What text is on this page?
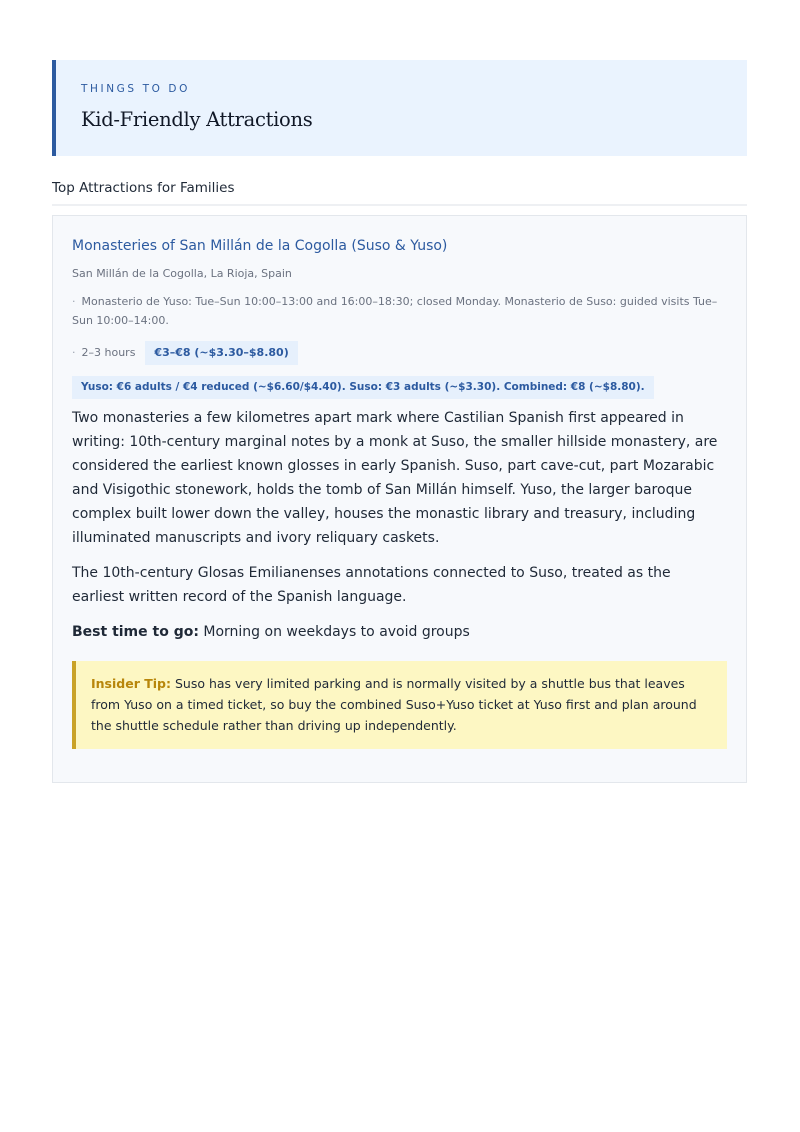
THINGS TO DO
Kid-Friendly Attractions
Top Attractions for Families
Monasteries of San Millán de la Cogolla (Suso & Yuso)
San Millán de la Cogolla, La Rioja, Spain
· Monasterio de Yuso: Tue–Sun 10:00–13:00 and 16:00–18:30; closed Monday. Monasterio de Suso: guided visits Tue–Sun 10:00–14:00.
· 2–3 hours	€3–€8 (~$3.30–$8.80)
Yuso: €6 adults / €4 reduced (~$6.60/$4.40). Suso: €3 adults (~$3.30). Combined: €8 (~$8.80).
Two monasteries a few kilometres apart mark where Castilian Spanish first appeared in writing: 10th-century marginal notes by a monk at Suso, the smaller hillside monastery, are considered the earliest known glosses in early Spanish. Suso, part cave-cut, part Mozarabic and Visigothic stonework, holds the tomb of San Millán himself. Yuso, the larger baroque complex built lower down the valley, houses the monastic library and treasury, including illuminated manuscripts and ivory reliquary caskets.
The 10th-century Glosas Emilianenses annotations connected to Suso, treated as the earliest written record of the Spanish language.
Best time to go: Morning on weekdays to avoid groups
Insider Tip: Suso has very limited parking and is normally visited by a shuttle bus that leaves from Yuso on a timed ticket, so buy the combined Suso+Yuso ticket at Yuso first and plan around the shuttle schedule rather than driving up independently.
